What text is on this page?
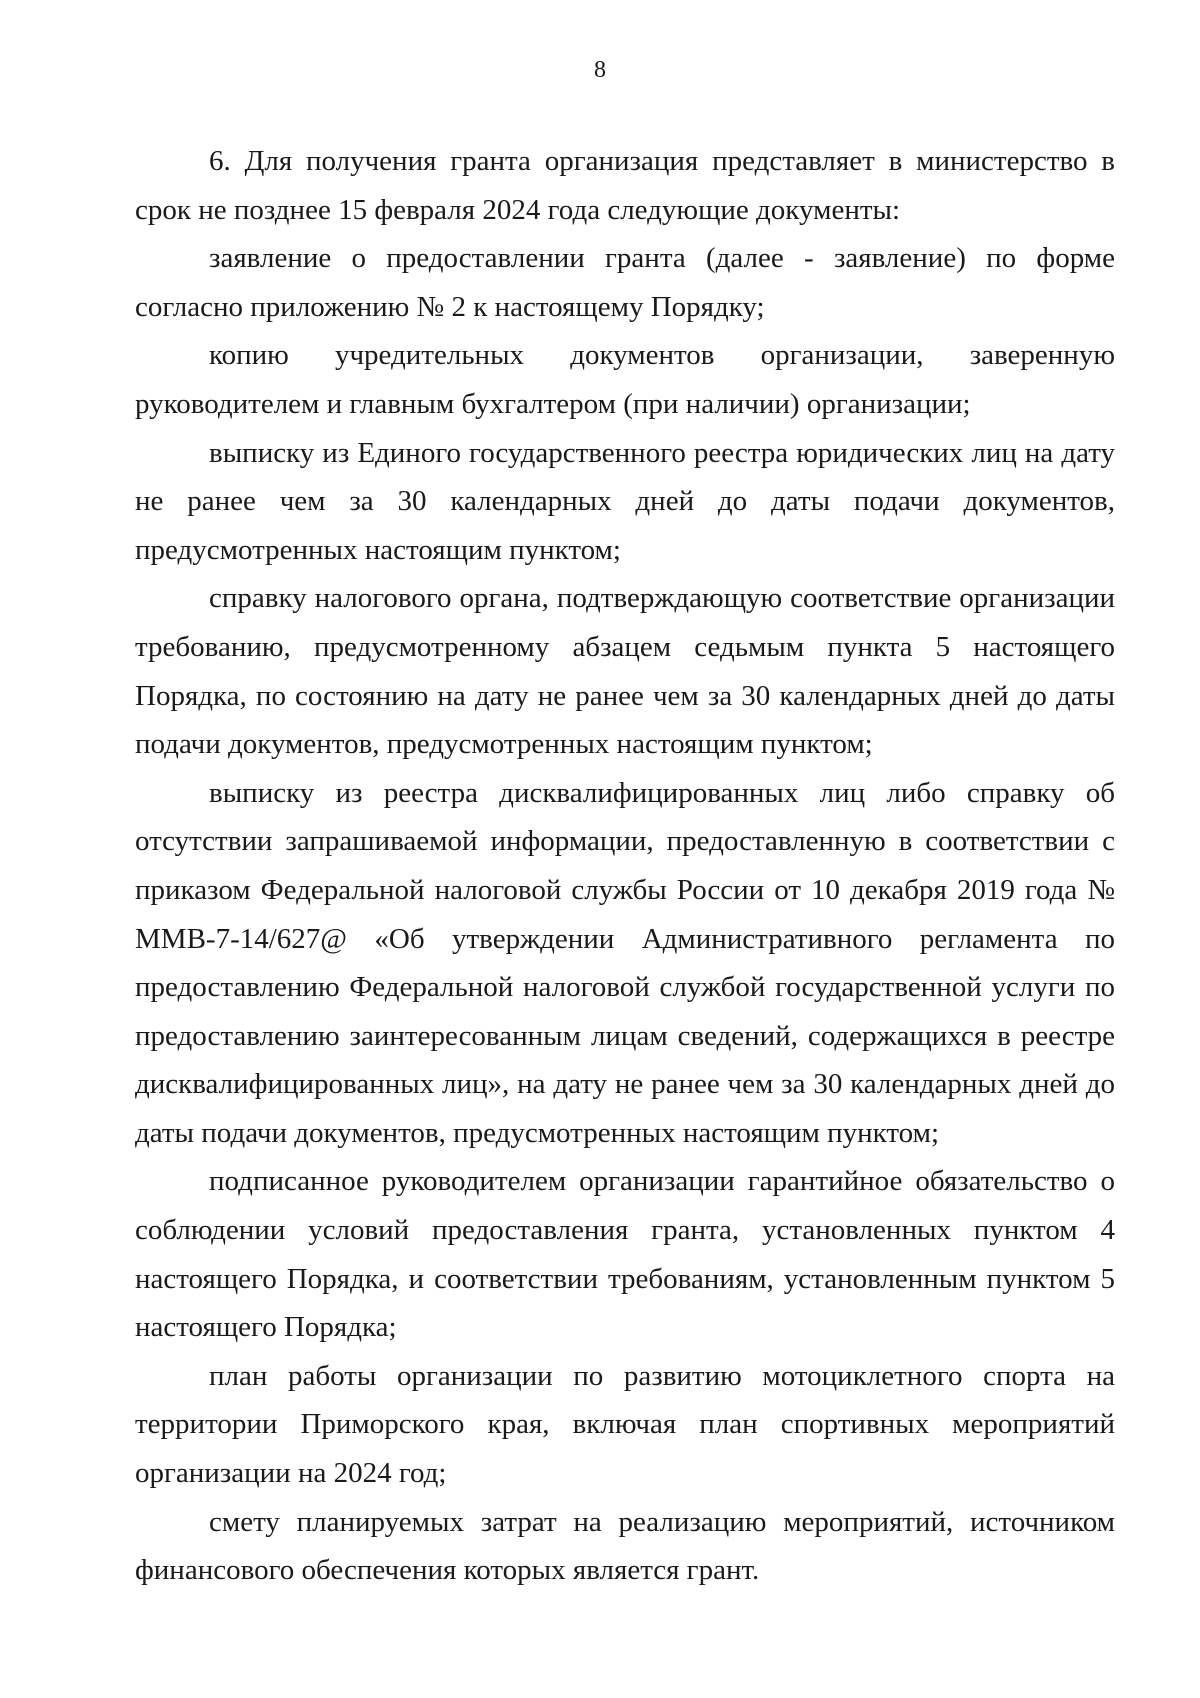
8

6. Для получения гранта организация представляет в министерство в срок не позднее 15 февраля 2024 года следующие документы:

заявление о предоставлении гранта (далее - заявление) по форме согласно приложению № 2 к настоящему Порядку;

копию учредительных документов организации, заверенную руководителем и главным бухгалтером (при наличии) организации;

выписку из Единого государственного реестра юридических лиц на дату не ранее чем за 30 календарных дней до даты подачи документов, предусмотренных настоящим пунктом;

справку налогового органа, подтверждающую соответствие организации требованию, предусмотренному абзацем седьмым пункта 5 настоящего Порядка, по состоянию на дату не ранее чем за 30 календарных дней до даты подачи документов, предусмотренных настоящим пунктом;

выписку из реестра дисквалифицированных лиц либо справку об отсутствии запрашиваемой информации, предоставленную в соответствии с приказом Федеральной налоговой службы России от 10 декабря 2019 года № ММВ-7-14/627@ «Об утверждении Административного регламента по предоставлению Федеральной налоговой службой государственной услуги по предоставлению заинтересованным лицам сведений, содержащихся в реестре дисквалифицированных лиц», на дату не ранее чем за 30 календарных дней до даты подачи документов, предусмотренных настоящим пунктом;

подписанное руководителем организации гарантийное обязательство о соблюдении условий предоставления гранта, установленных пунктом 4 настоящего Порядка, и соответствии требованиям, установленным пунктом 5 настоящего Порядка;

план работы организации по развитию мотоциклетного спорта на территории Приморского края, включая план спортивных мероприятий организации на 2024 год;

смету планируемых затрат на реализацию мероприятий, источником финансового обеспечения которых является грант.
